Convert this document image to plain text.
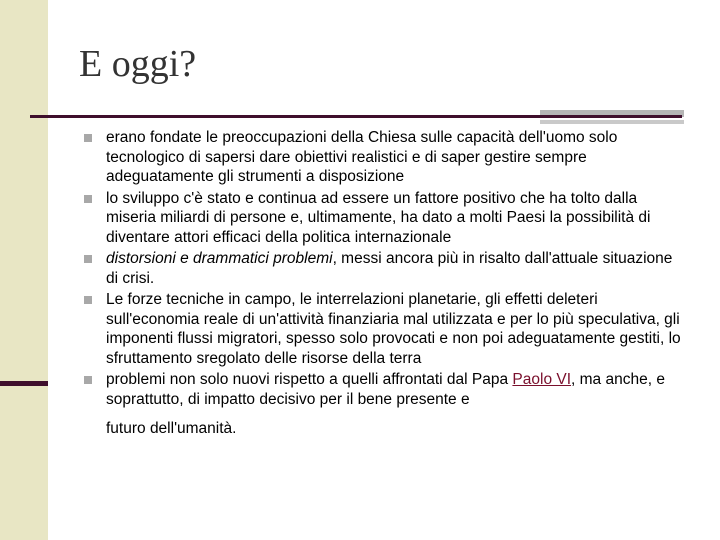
E oggi?
erano fondate le preoccupazioni della Chiesa sulle capacità dell'uomo solo tecnologico di sapersi dare obiettivi realistici e di saper gestire sempre adeguatamente gli strumenti a disposizione
lo sviluppo c'è stato e continua ad essere un fattore positivo che ha tolto dalla miseria miliardi di persone e, ultimamente, ha dato a molti Paesi la possibilità di diventare attori efficaci della politica internazionale
distorsioni e drammatici problemi, messi ancora più in risalto dall'attuale situazione di crisi.
Le forze tecniche in campo, le interrelazioni planetarie, gli effetti deleteri sull'economia reale di un'attività finanziaria mal utilizzata e per lo più speculativa, gli imponenti flussi migratori, spesso solo provocati e non poi adeguatamente gestiti, lo sfruttamento sregolato delle risorse della terra
problemi non solo nuovi rispetto a quelli affrontati dal Papa Paolo VI, ma anche, e soprattutto, di impatto decisivo per il bene presente e
futuro dell'umanità.
